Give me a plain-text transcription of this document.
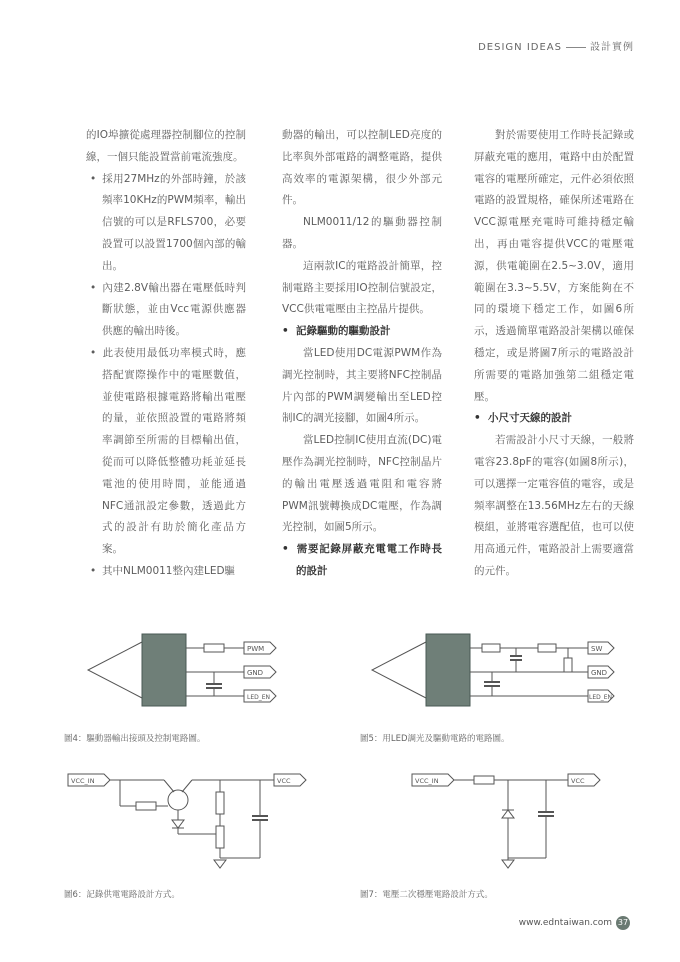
DESIGN IDEAS	設計實例

的IO埠擴從處理器控制腳位的控制線，一個只能設置當前電流強度。

• 採用27MHz的外部時鐘，於該頻率10KHz的PWM頻率，輸出信號的可以是RFLS700，必要設置可以設置1700個內部的輸出。

• 內建2.8V輸出器在電壓低時判斷狀態，並由Vcc電源供應器供應的輸出時後。

• 此表使用最低功率模式時，應搭配實際操作中的電壓數值，並使電路根據電路將輸出電壓的量，並依照設置的電路將頻率調節至所需的目標輸出值，從而可以降低整體功耗並延長電池的使用時間，並能通過NFC通訊設定參數，透過此方式的設計有助於簡化產品方案。

• 其中NLM0011整內建LED驅

動器的輸出，可以控制LED亮度的比率與外部電路的調整電路，提供高效率的電源架構，很少外部元件。

NLM0011/12的驅動器控制器。

這兩款IC的電路設計簡單，控制電路主要採用IO控制信號設定，VCC供電電壓由主控晶片提供。

• 記錄驅動的驅動設計

當LED使用DC電源PWM作為調光控制時，其主要將NFC控制晶片內部的PWM調變輸出至LED控制IC的調光接腳，如圖4所示。

當LED控制IC使用直流(DC)電壓作為調光控制時，NFC控制晶片的輸出電壓透過電阻和電容將PWM訊號轉換成DC電壓，作為調光控制，如圖5所示。

• 需要記錄屏蔽充電電工作時長的設計

對於需要使用工作時長記錄或屏蔽充電的應用，電路中由於配置電容的電壓所確定，元件必須依照電路的設置規格，確保所述電路在VCC源電壓充電時可維持穩定輸出，再由電容提供VCC的電壓電源，供電範圍在2.5~3.0V，適用範圍在3.3~5.5V，方案能夠在不同的環境下穩定工作，如圖6所示，透過簡單電路設計架構以確保穩定，或是將圖7所示的電路設計所需要的電路加強第二組穩定電壓。

• 小尺寸天線的設計

若需設計小尺寸天線，一般將電容23.8pF的電容(如圖8所示)，可以選擇一定電容值的電容，或是頻率調整在13.56MHz左右的天線模組，並將電容選配值，也可以使用高通元件，電路設計上需要適當的元件。

PWM
GND
LED_EN
圖4：驅動器輸出接頭及控制電路圖。
SW
GND
LED_EN
圖5：用LED調光及驅動電路的電路圖。
VCC_IN	VCC
圖6：記錄供電電路設計方式。
VCC_IN	VCC
圖7：電壓二次穩壓電路設計方式。
www.edntaiwan.com 37
